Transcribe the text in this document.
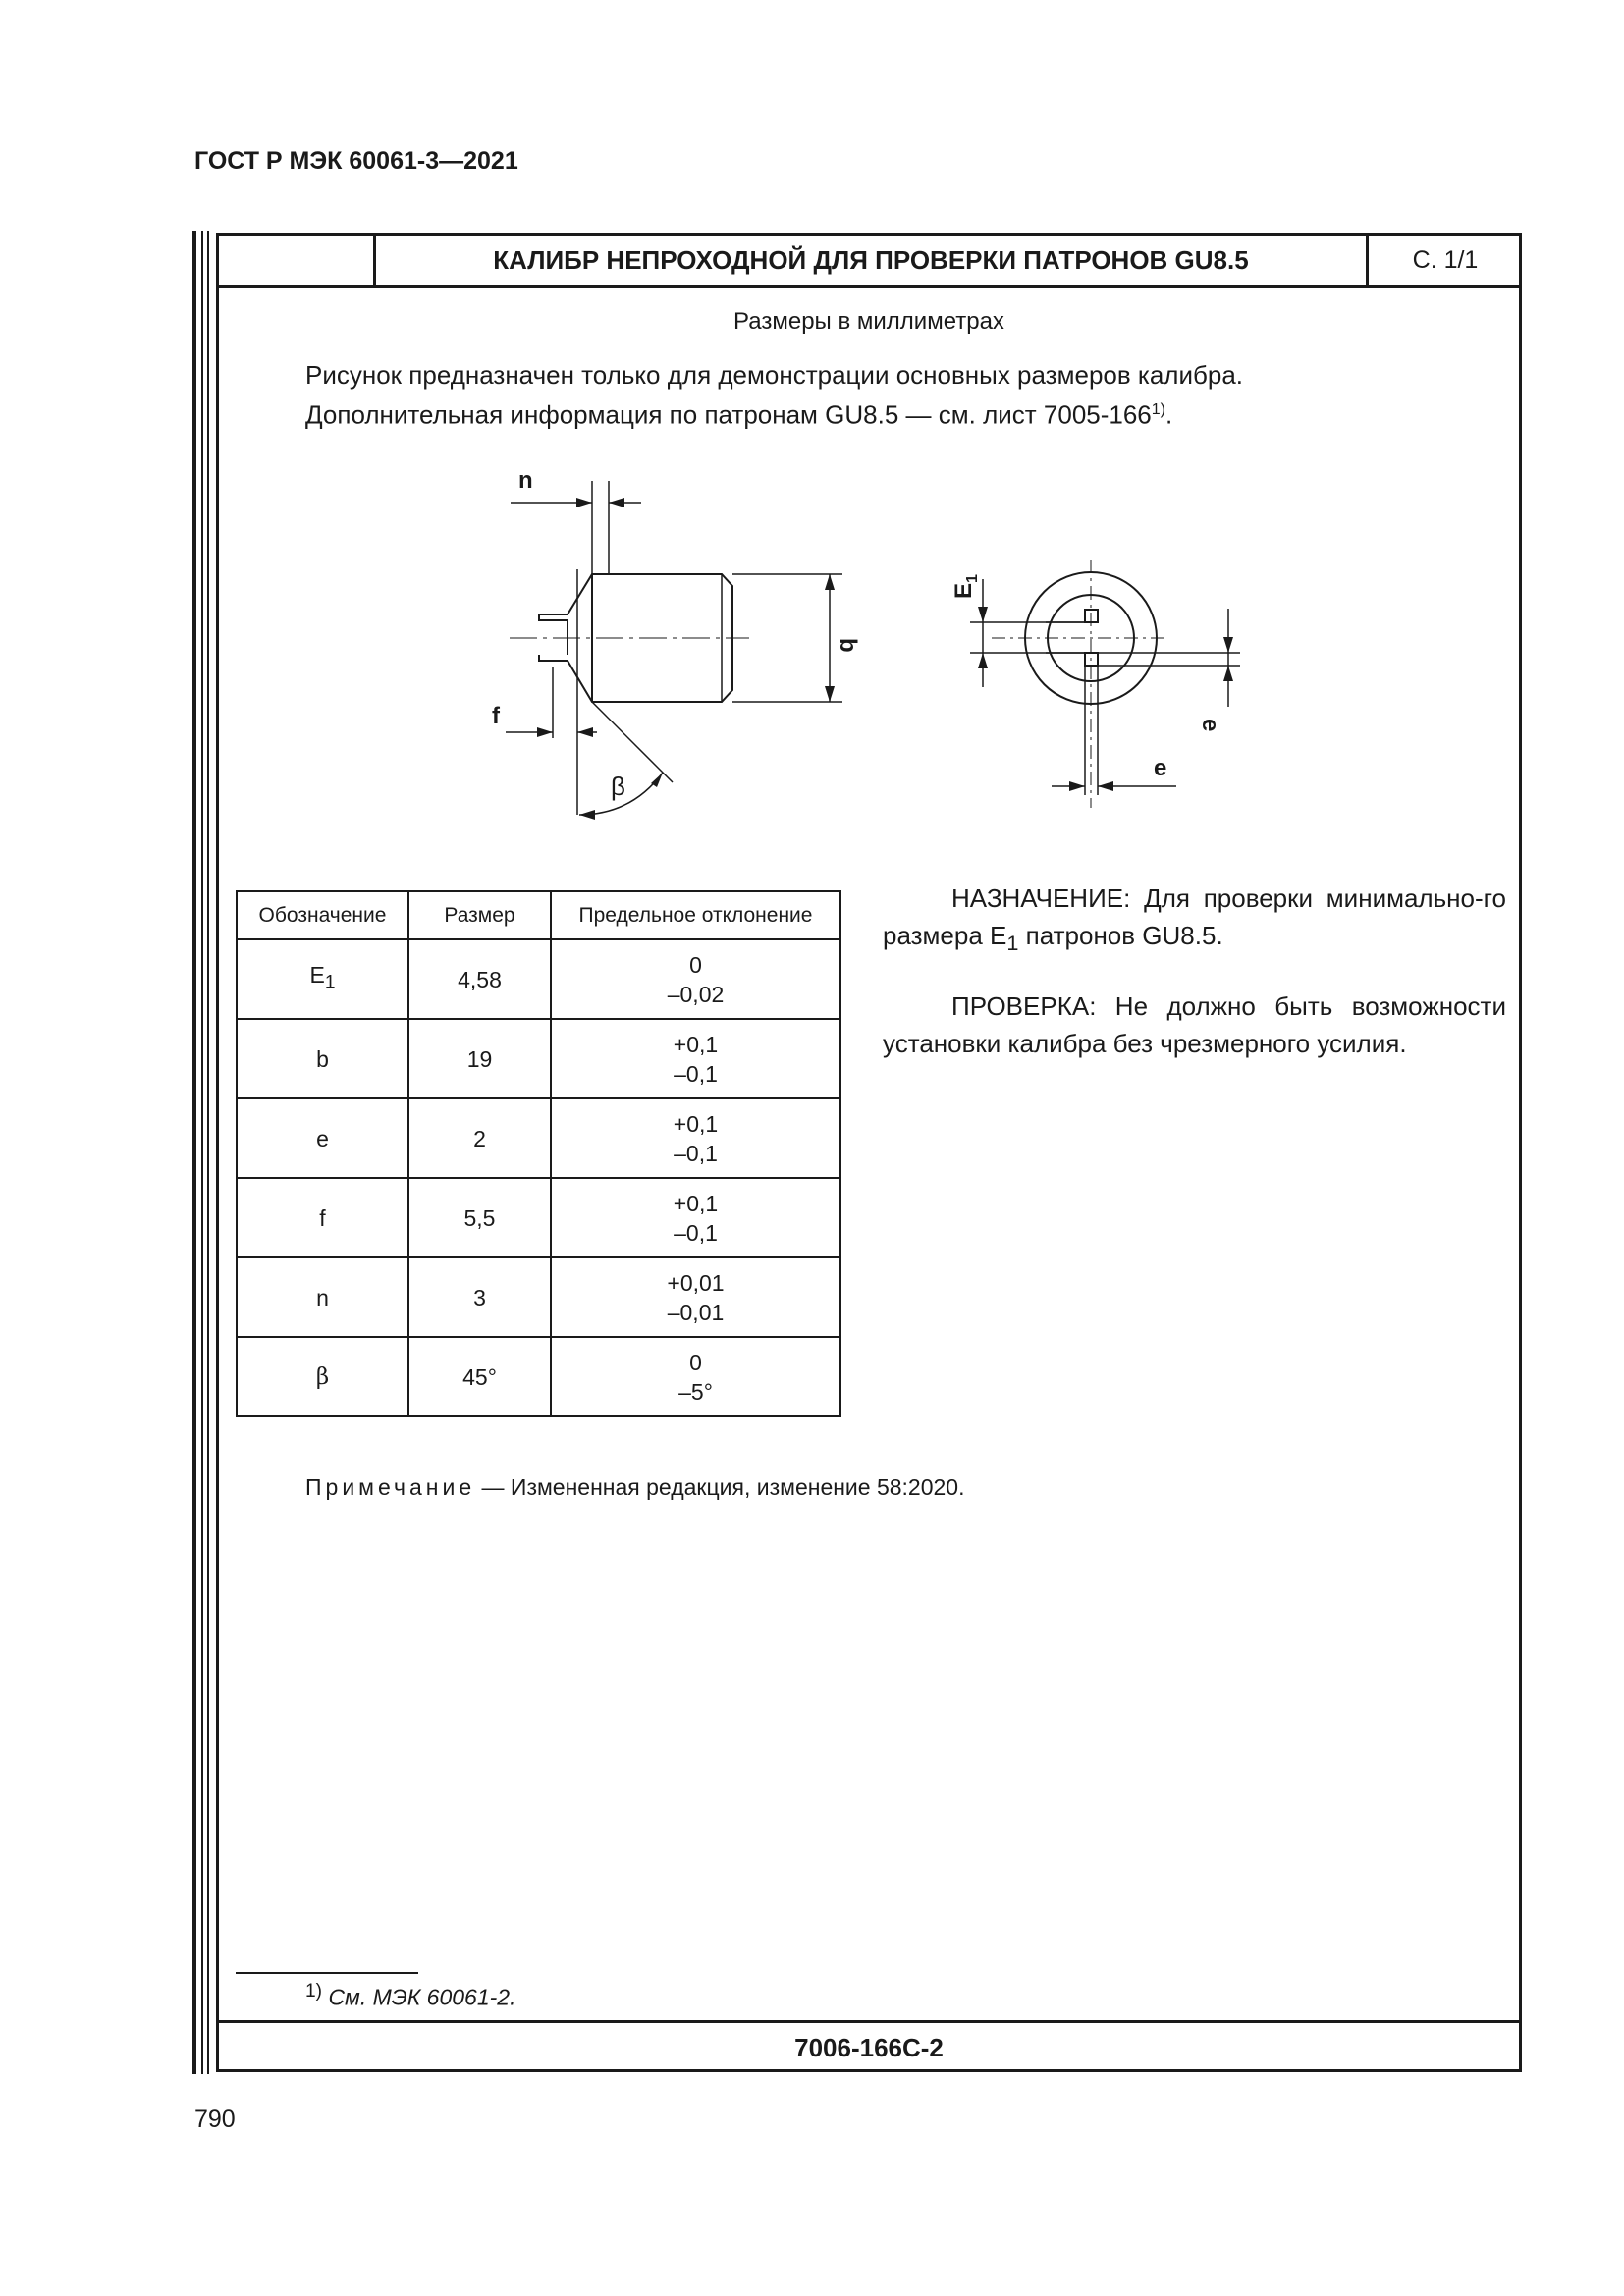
ГОСТ Р МЭК 60061-3—2021
КАЛИБР НЕПРОХОДНОЙ ДЛЯ ПРОВЕРКИ ПАТРОНОВ GU8.5	С. 1/1
Размеры в миллиметрах
Рисунок предназначен только для демонстрации основных размеров калибра.
Дополнительная информация по патронам GU8.5 — см. лист 7005-166$^{1)}$.
n
b
f
β
E
1
e
e
Обозначение	Размер	Предельное отклонение
$E_1$	4,58	0
–0,02

b	19	+0,1
–0,1

e	2	+0,1
–0,1

f	5,5	+0,1
–0,1

n	3	+0,01
–0,01

β	45°	0
–5°

НАЗНАЧЕНИЕ: Для проверки минимально-го размера $E_1$ патронов GU8.5.

ПРОВЕРКА: Не должно быть возможности установки калибра без чрезмерного усилия.

Примечание — Измененная редакция, изменение 58:2020.
$^{1)}$ См. МЭК 60061-2.
7006-166C-2
790
